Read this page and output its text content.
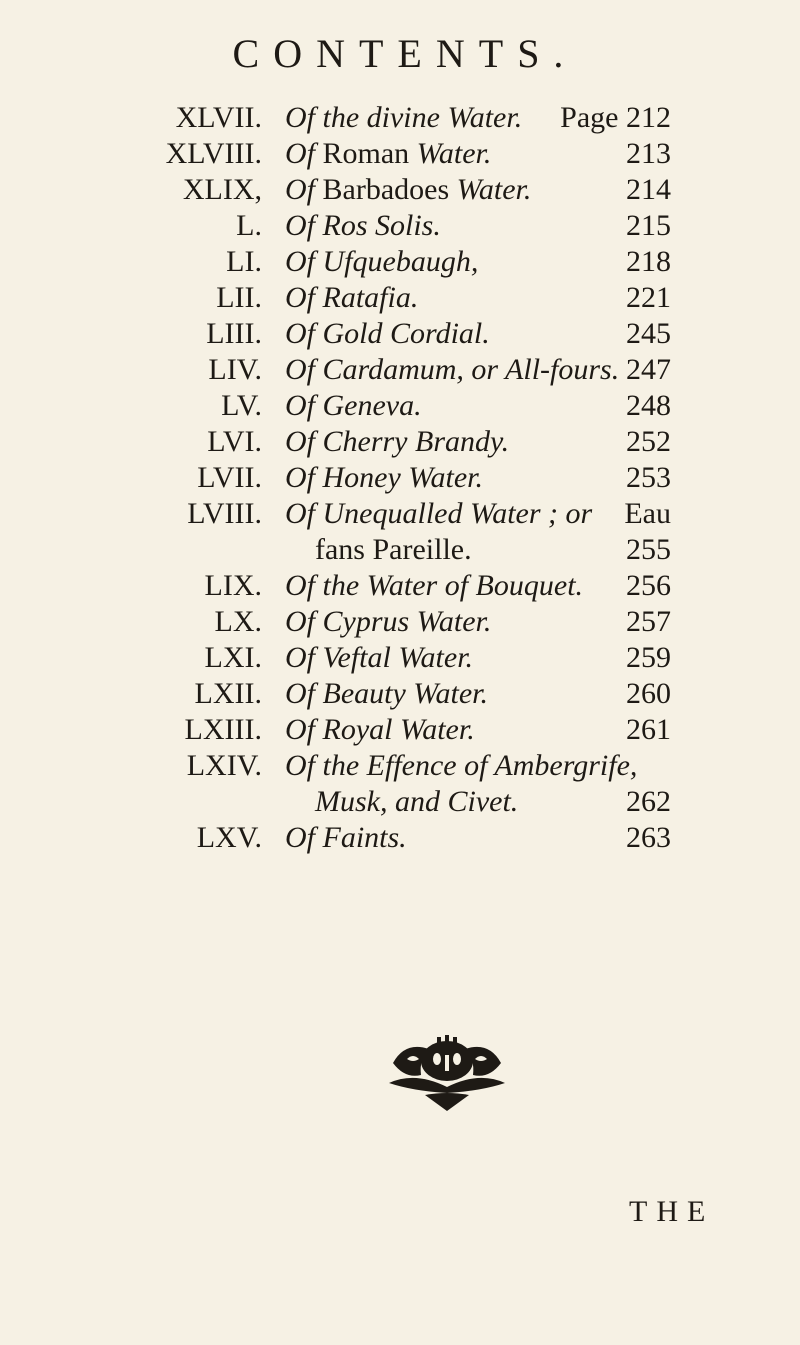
CONTENTS.
XLVII. Of the divine Water. Page 212
XLVIII. Of Roman Water.	213
XLIX, Of Barbadoes Water.	214
L. Of Ros Solis.	215
LI. Of Ufquebaugh,	218
LII. Of Ratafia.	221
LIII. Of Gold Cordial.	245
LIV. Of Cardamum, or All-fours. 247
LV. Of Geneva.	248
LVI. Of Cherry Brandy.	252
LVII. Of Honey Water.	253
LVIII. Of Unequalled Water ; or Eau
fans Pareille.	255
LIX. Of the Water of Bouquet. 256
LX. Of Cyprus Water.	257
LXI. Of Veftal Water.	259
LXII. Of Beauty Water.	260
LXIII. Of Royal Water.	261
LXIV. Of the Effence of Ambergrife,
Musk, and Civet.	262
LXV. Of Faints.	263
THE
